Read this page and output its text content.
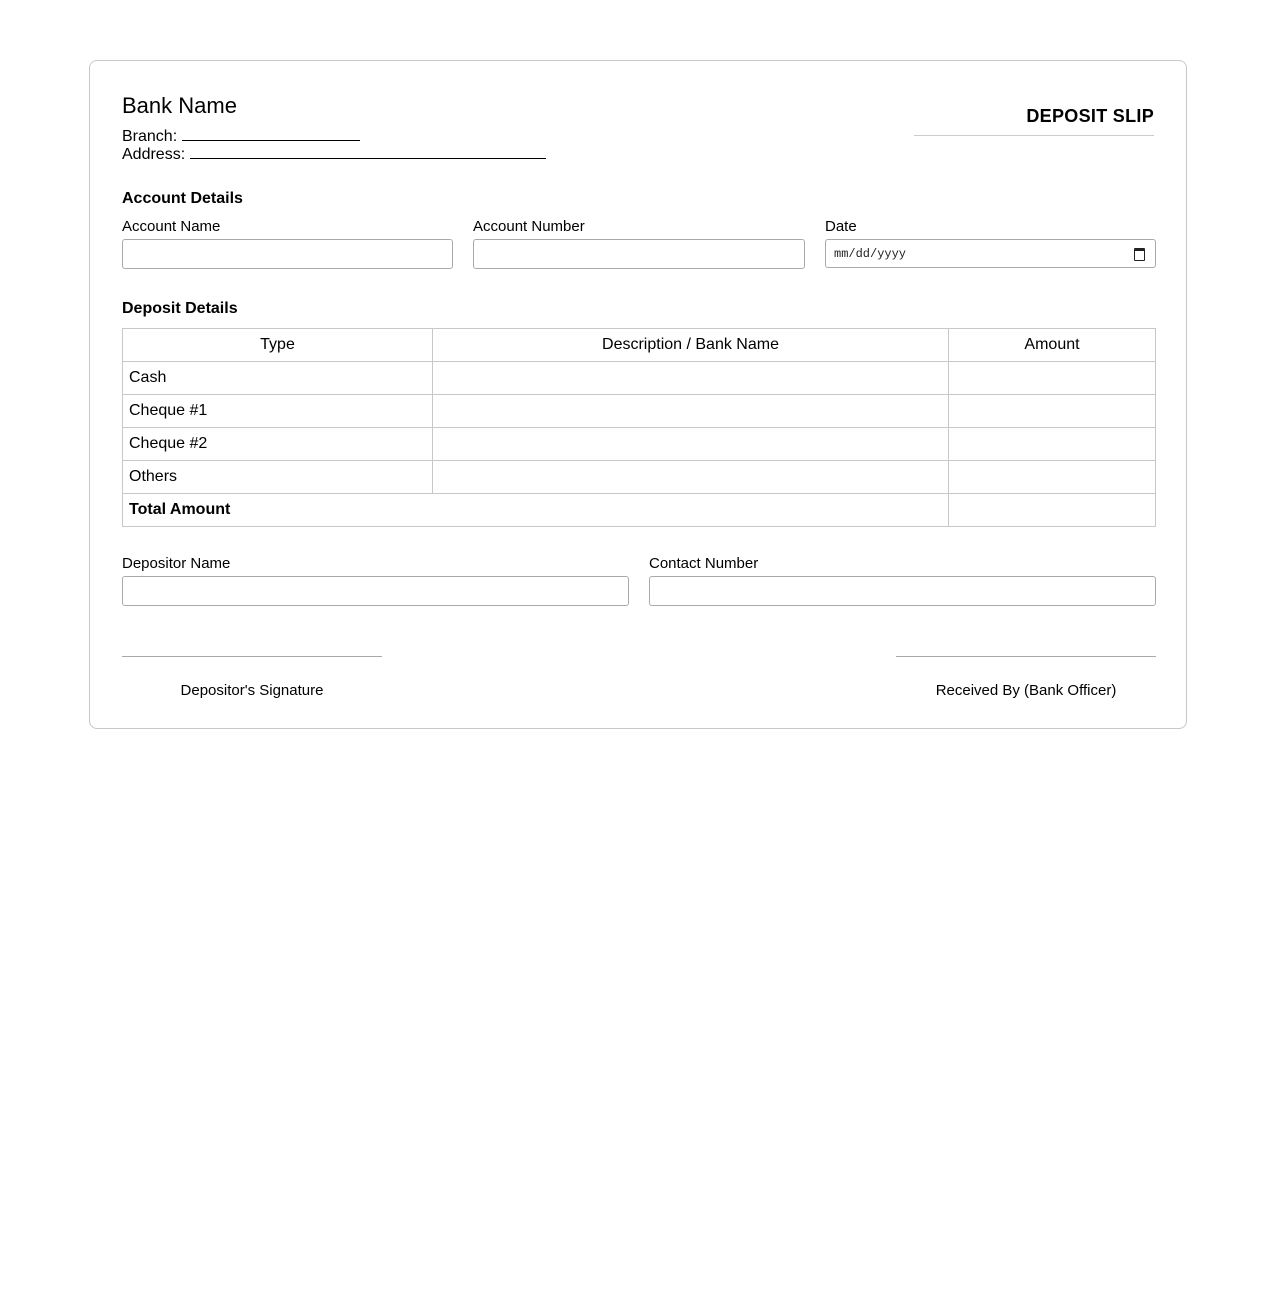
Bank Name
Branch:
Address:
DEPOSIT SLIP
Account Details
Account Name	Account Number	Date
mm/dd/yyyy
Deposit Details
Type	Description / Bank Name	Amount
Cash		
Cheque #1		
Cheque #2		
Others		
Total Amount		
Depositor Name	Contact Number
Depositor's Signature	Received By (Bank Officer)
